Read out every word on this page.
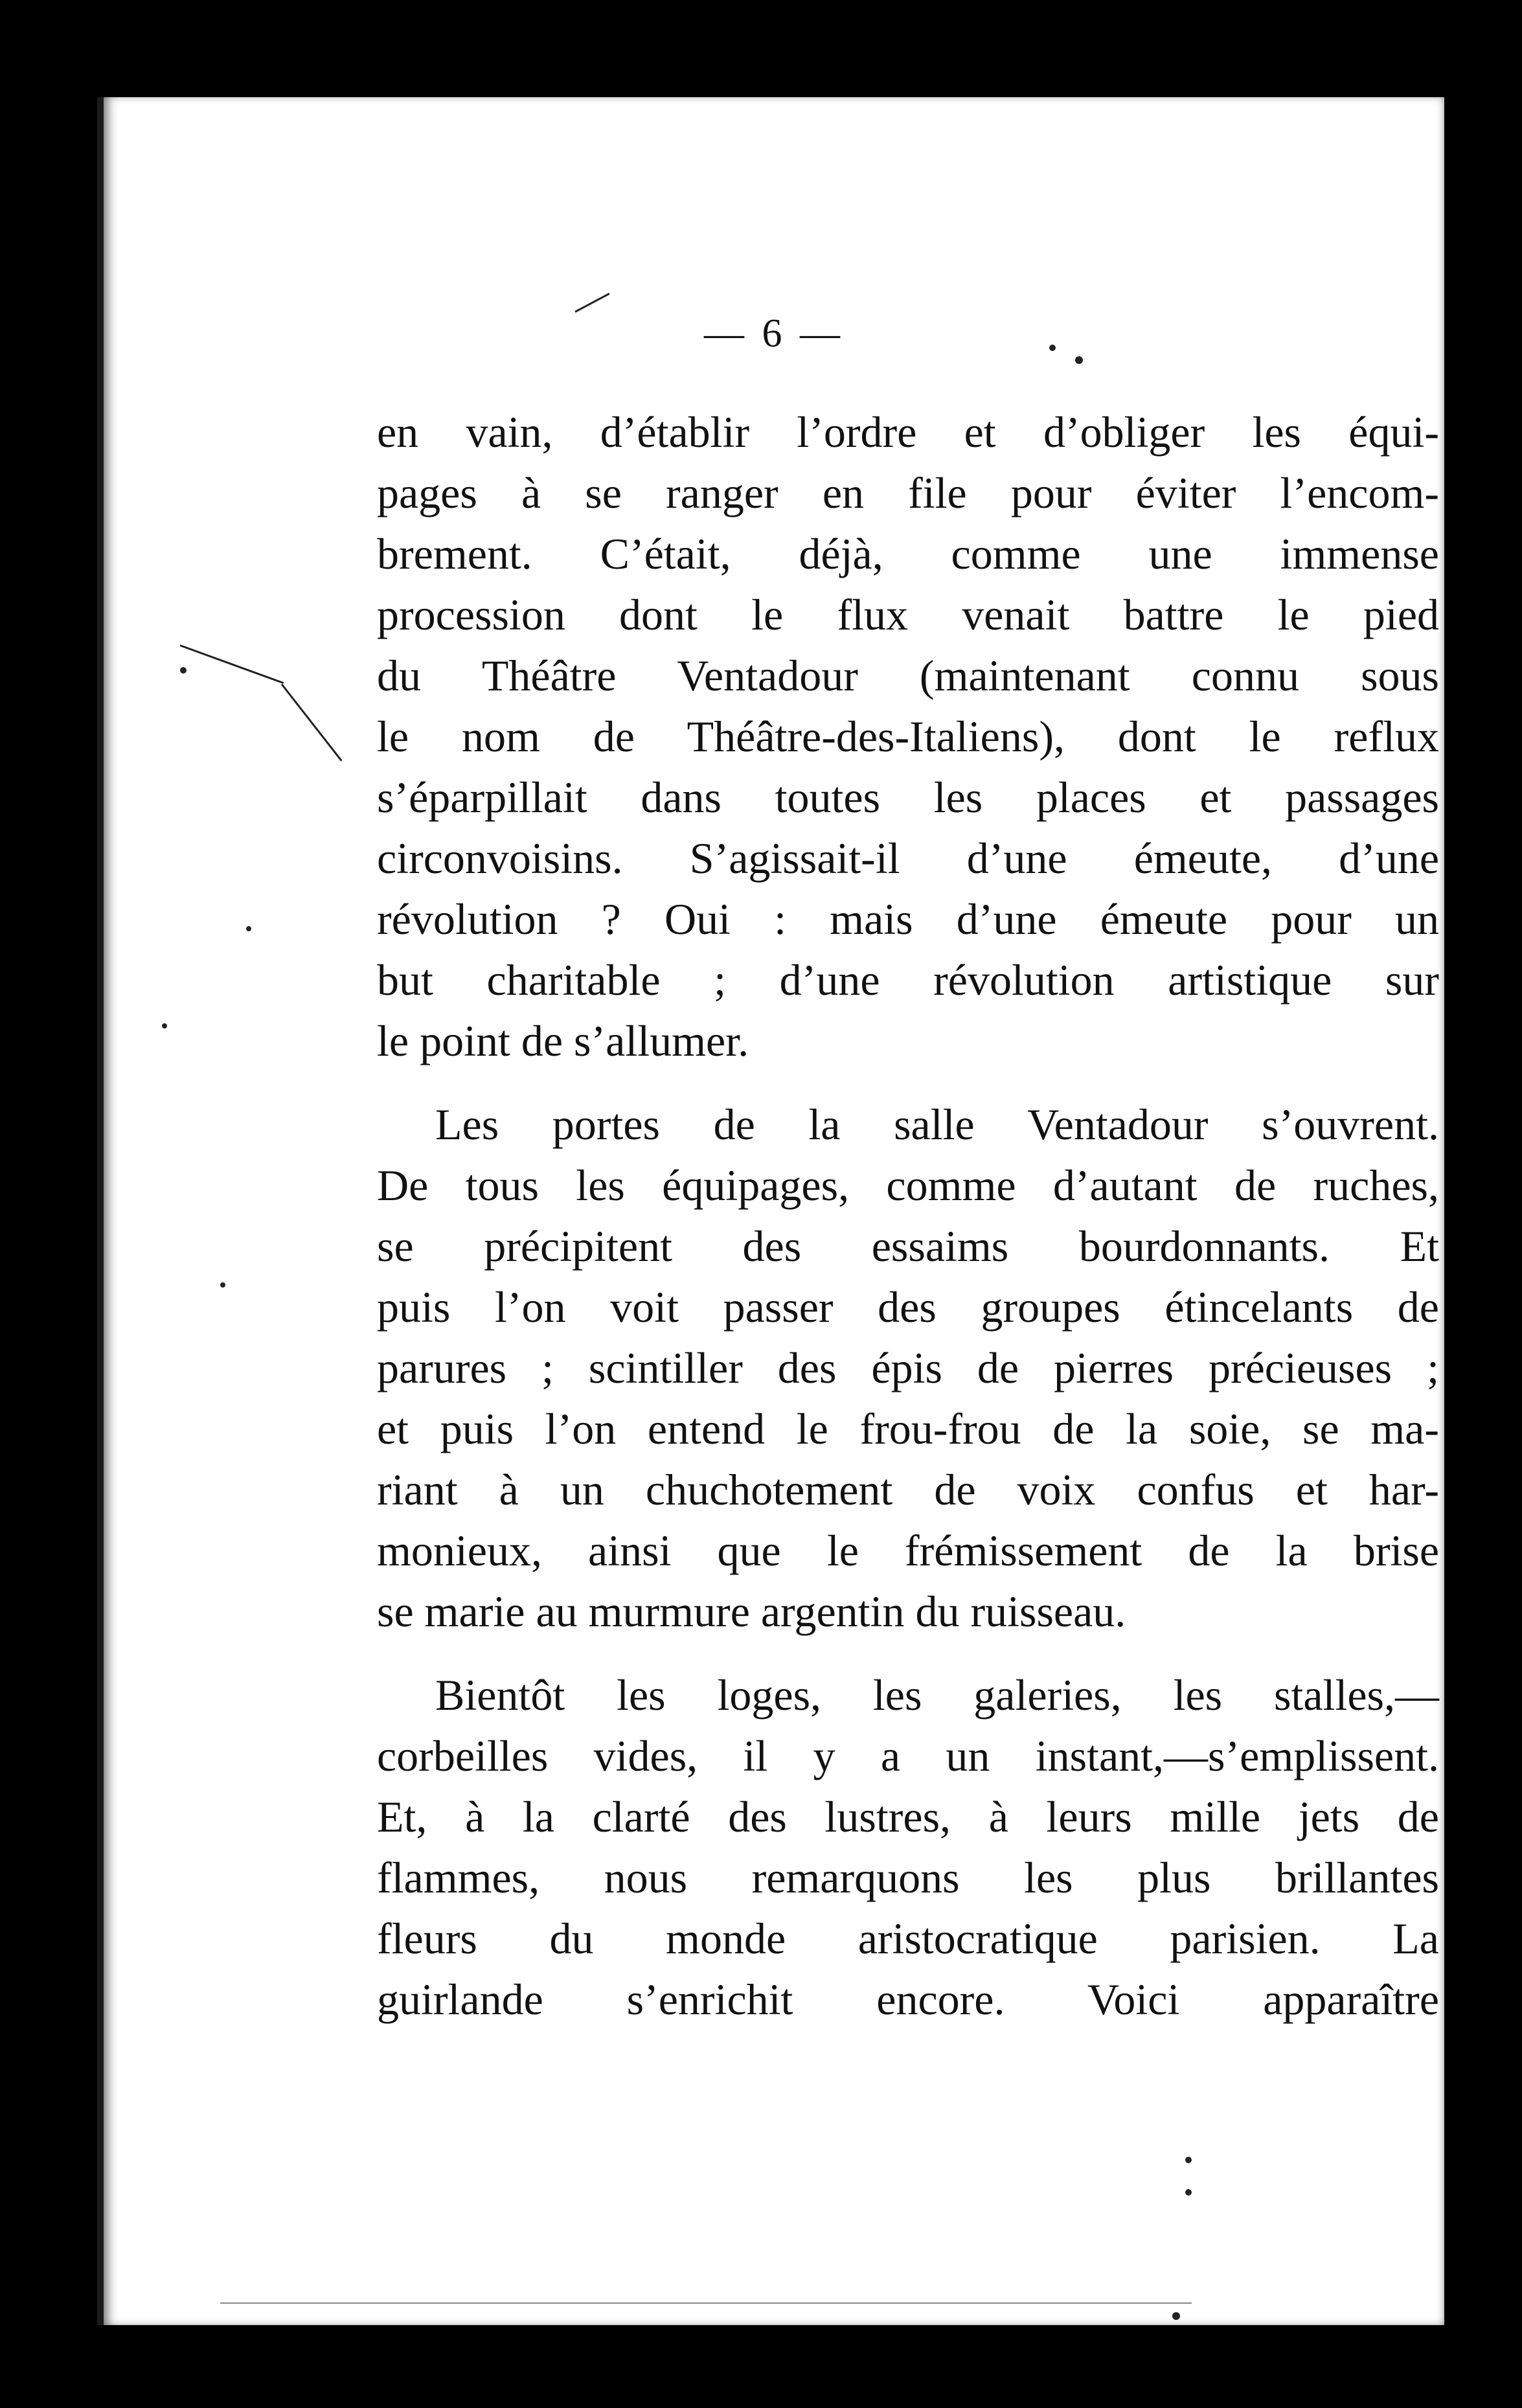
— 6 —
en vain, d’établir l’ordre et d’obliger les équi-
pages à se ranger en file pour éviter l’encom-
brement. C’était, déjà, comme une immense
procession dont le flux venait battre le pied
du Théâtre Ventadour (maintenant connu sous
le nom de Théâtre-des-Italiens), dont le reflux
s’éparpillait dans toutes les places et passages
circonvoisins. S’agissait-il d’une émeute, d’une
révolution ? Oui : mais d’une émeute pour un
but charitable ; d’une révolution artistique sur
le point de s’allumer.
Les portes de la salle Ventadour s’ouvrent.
De tous les équipages, comme d’autant de ruches,
se précipitent des essaims bourdonnants. Et
puis l’on voit passer des groupes étincelants de
parures ; scintiller des épis de pierres précieuses ;
et puis l’on entend le frou-frou de la soie, se ma-
riant à un chuchotement de voix confus et har-
monieux, ainsi que le frémissement de la brise
se marie au murmure argentin du ruisseau.
Bientôt les loges, les galeries, les stalles,—
corbeilles vides, il y a un instant,—s’emplissent.
Et, à la clarté des lustres, à leurs mille jets de
flammes, nous remarquons les plus brillantes
fleurs du monde aristocratique parisien. La
guirlande s’enrichit encore. Voici apparaître
